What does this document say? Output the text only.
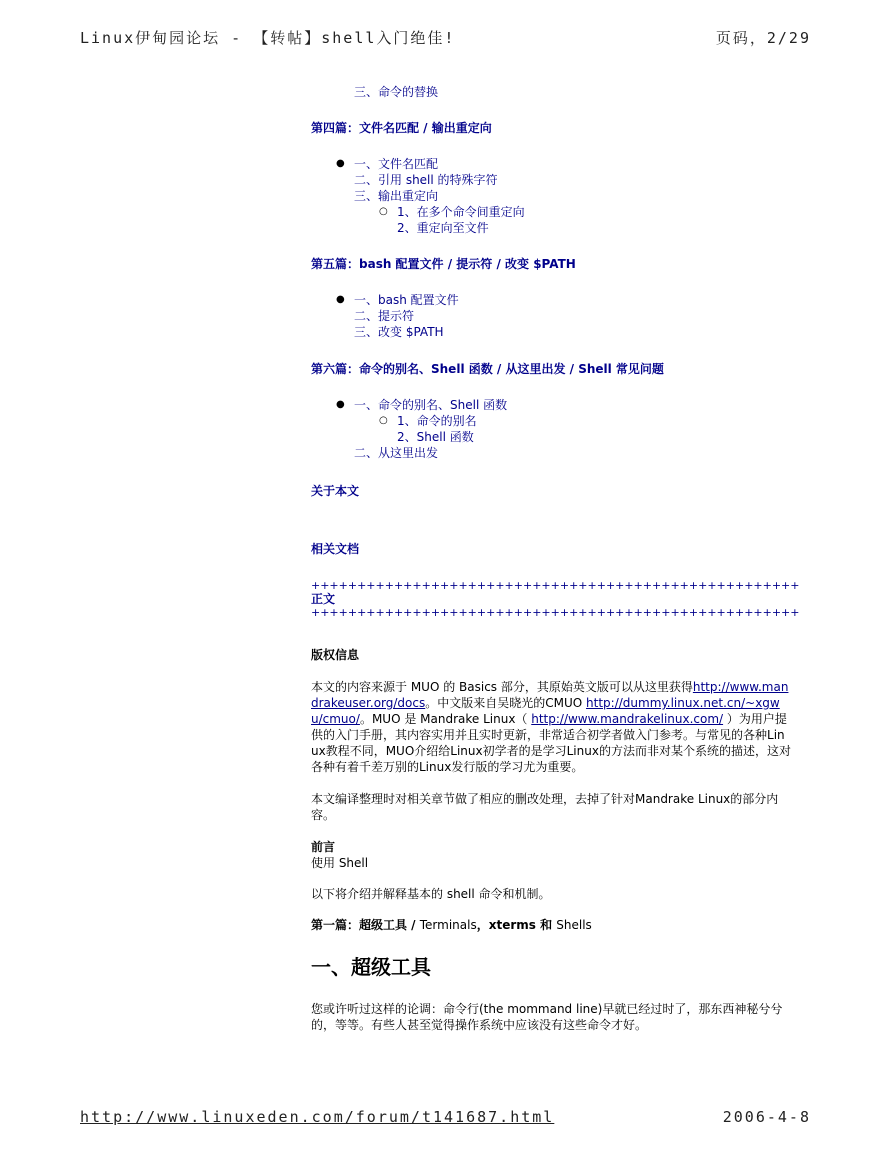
Linux伊甸园论坛 - 【转帖】shell入门绝佳!	页码，2/29
三、命令的替换

第四篇：文件名匹配 / 输出重定向

● 一、文件名匹配
二、引用 shell 的特殊字符
三、输出重定向
○ 1、在多个命令间重定向
2、重定向至文件

第五篇：bash 配置文件 / 提示符 / 改变 $PATH

● 一、bash 配置文件
二、提示符
三、改变 $PATH

第六篇：命令的别名、Shell 函数 / 从这里出发 / Shell 常见问题

● 一、命令的别名、Shell 函数
○ 1、命令的别名
2、Shell 函数
二、从这里出发

关于本文

相关文档

+++++++++++++++++++++++++++++++++++++++++++++++++++++
正文
+++++++++++++++++++++++++++++++++++++++++++++++++++++

版权信息

本文的内容来源于 MUO 的 Basics 部分，其原始英文版可以从这里获得http://www.mandrakeuser.org/docs。中文版来自吴晓光的CMUO http://dummy.linux.net.cn/~xgwu/cmuo/。MUO 是 Mandrake Linux（ http://www.mandrakelinux.com/ ）为用户提供的入门手册，其内容实用并且实时更新，非常适合初学者做入门参考。与常见的各种Linux教程不同，MUO介绍给Linux初学者的是学习Linux的方法而非对某个系统的描述，这对各种有着千差万别的Linux发行版的学习尤为重要。

本文编译整理时对相关章节做了相应的删改处理，去掉了针对Mandrake Linux的部分内容。

前言

使用 Shell

以下将介绍并解释基本的 shell 命令和机制。

第一篇：超级工具 / Terminals，xterms 和 Shells

一、超级工具

您或许听过这样的论调：命令行(the mommand line)早就已经过时了，那东西神秘兮兮的，等等。有些人甚至觉得操作系统中应该没有这些命令才好。

http://www.linuxeden.com/forum/t141687.html	2006-4-8
